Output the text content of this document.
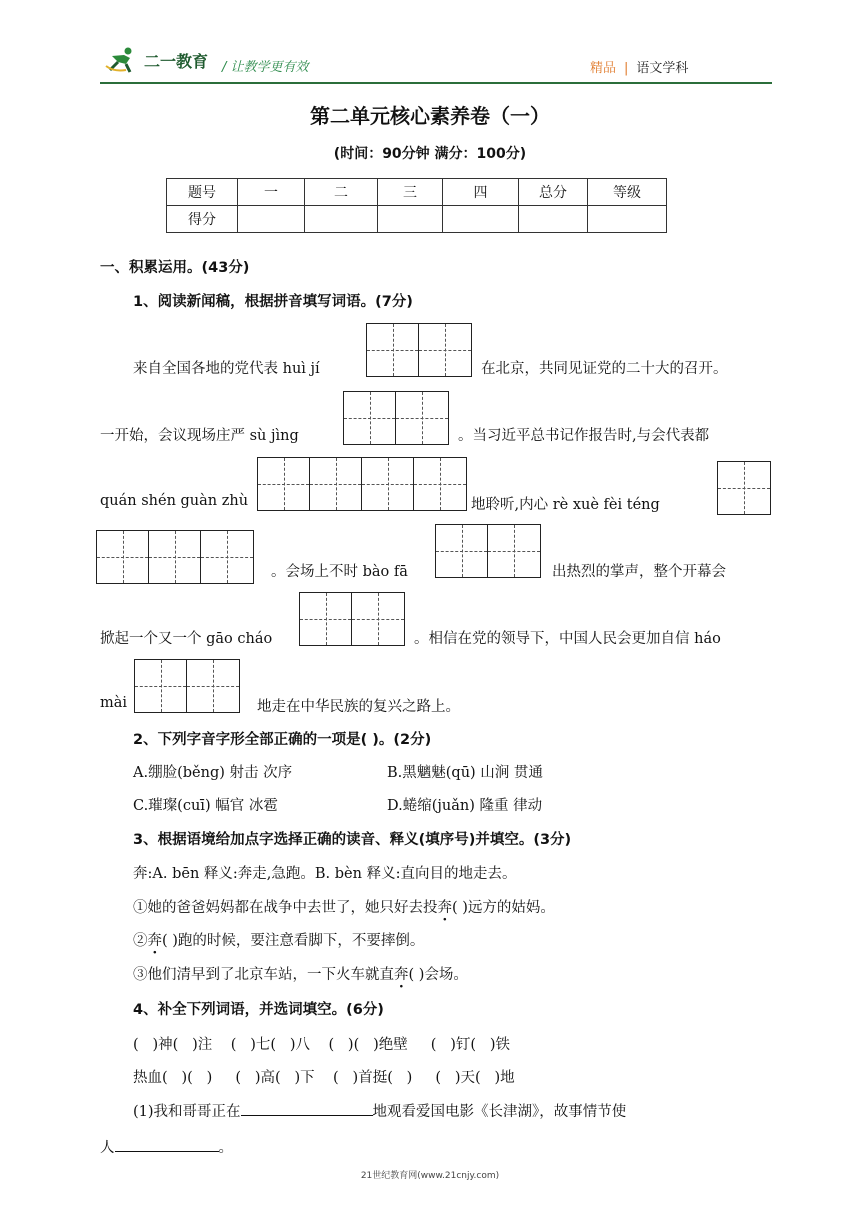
二一教育 / 让教学更有效	精品 | 语文学科
第二单元核心素养卷（一）
(时间：90分钟 满分：100分)
题号	一	二	三	四	总分	等级
得分						
一、积累运用。(43分)
1、阅读新闻稿，根据拼音填写词语。(7分)
来自全国各地的党代表 huì jí	在北京，共同见证党的二十大的召开。
一开始，会议现场庄严 sù jìng	。当习近平总书记作报告时,与会代表都
quán shén guàn zhù	地聆听,内心 rè xuè fèi téng
。会场上不时 bào fā	出热烈的掌声，整个开幕会
掀起一个又一个 gāo cháo	。相信在党的领导下，中国人民会更加自信 háo
mài	地走在中华民族的复兴之路上。
2、下列字音字形全部正确的一项是( )。(2分)
A.绷脸(běng) 射击 次序	B.黑魑魅(qū) 山涧 贯通
C.璀璨(cuī) 幅官 冰雹	D.蜷缩(juǎn) 隆重 律动
3、根据语境给加点字选择正确的读音、释义(填序号)并填空。(3分)
奔:A. bēn 释义:奔走,急跑。B. bèn 释义:直向目的地走去。
①她的爸爸妈妈都在战争中去世了，她只好去投奔( )远方的姑妈。
②奔( )跑的时候，要注意看脚下，不要摔倒。
③他们清早到了北京车站，一下火车就直奔( )会场。
4、补全下列词语，并选词填空。(6分)
(   )神(   )注    (   )七(   )八    (   )(   )绝壁     (   )钉(   )铁
热血(   )(   )     (   )高(   )下    (   )首挺(   )     (   )天(   )地
(1)我和哥哥正在	地观看爱国电影《长津湖》，故事情节使
人	。
21世纪教育网(www.21cnjy.com)
